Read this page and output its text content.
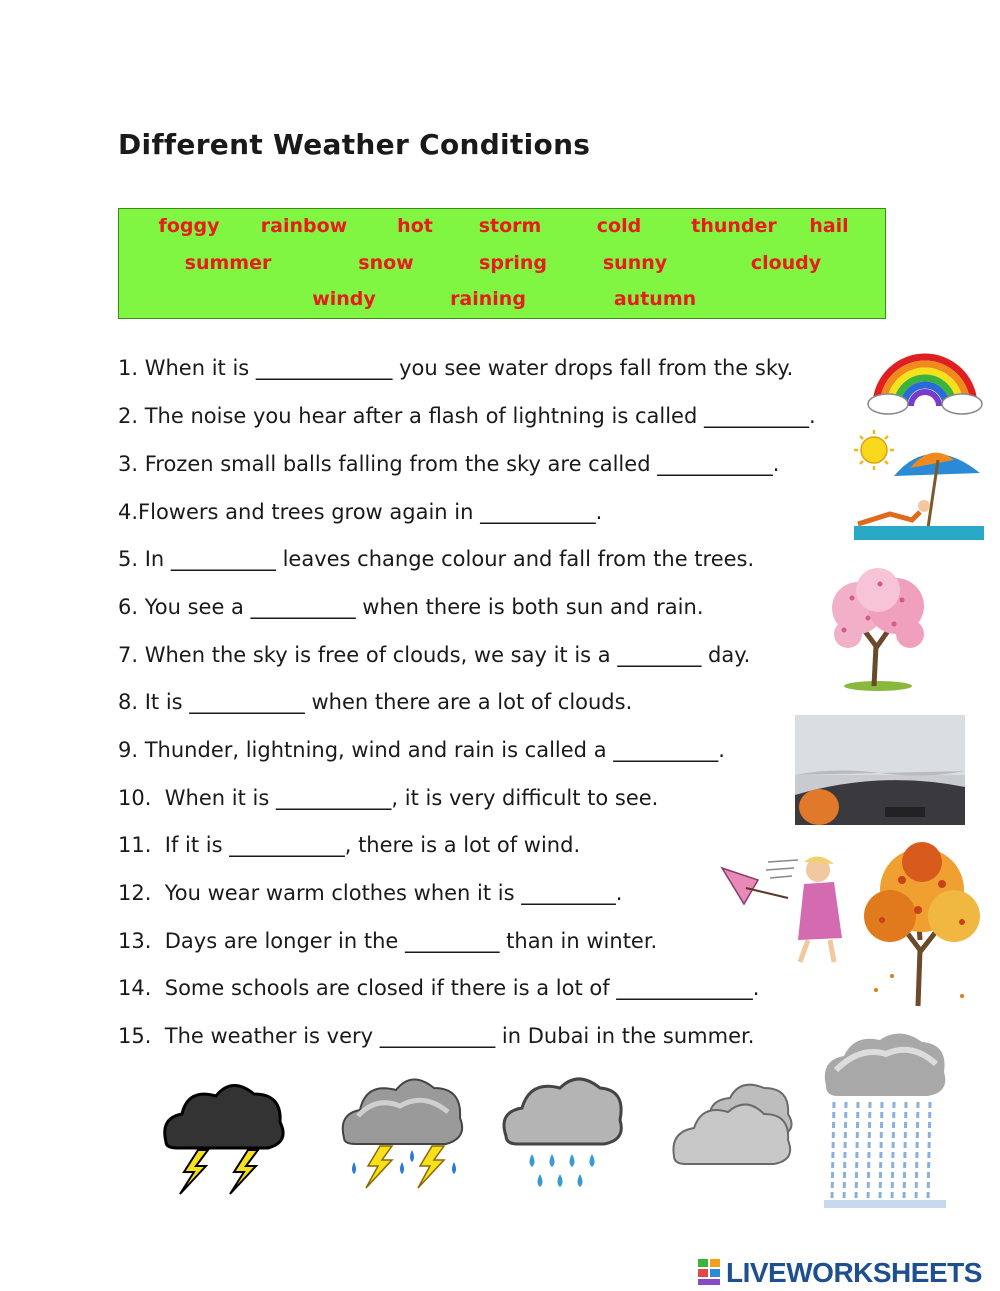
Different Weather Conditions
foggy rainbow	hot storm	cold	thunder hail
summer	snow	spring	sunny	cloudy
windy	raining	autumn
1. When it is _____________ you see water drops fall from the sky.
2. The noise you hear after a flash of lightning is called __________.
3. Frozen small balls falling from the sky are called ___________.
4.Flowers and trees grow again in ___________.
5. In __________ leaves change colour and fall from the trees.
6. You see a __________ when there is both sun and rain.
7. When the sky is free of clouds, we say it is a ________ day.
8. It is ___________ when there are a lot of clouds.
9. Thunder, lightning, wind and rain is called a __________.
10.  When it is ___________, it is very difficult to see.
11.  If it is ___________, there is a lot of wind.
12.  You wear warm clothes when it is _________.
13.  Days are longer in the _________ than in winter.
14.  Some schools are closed if there is a lot of _____________.
15.  The weather is very ___________ in Dubai in the summer.
LIVEWORKSHEETS
